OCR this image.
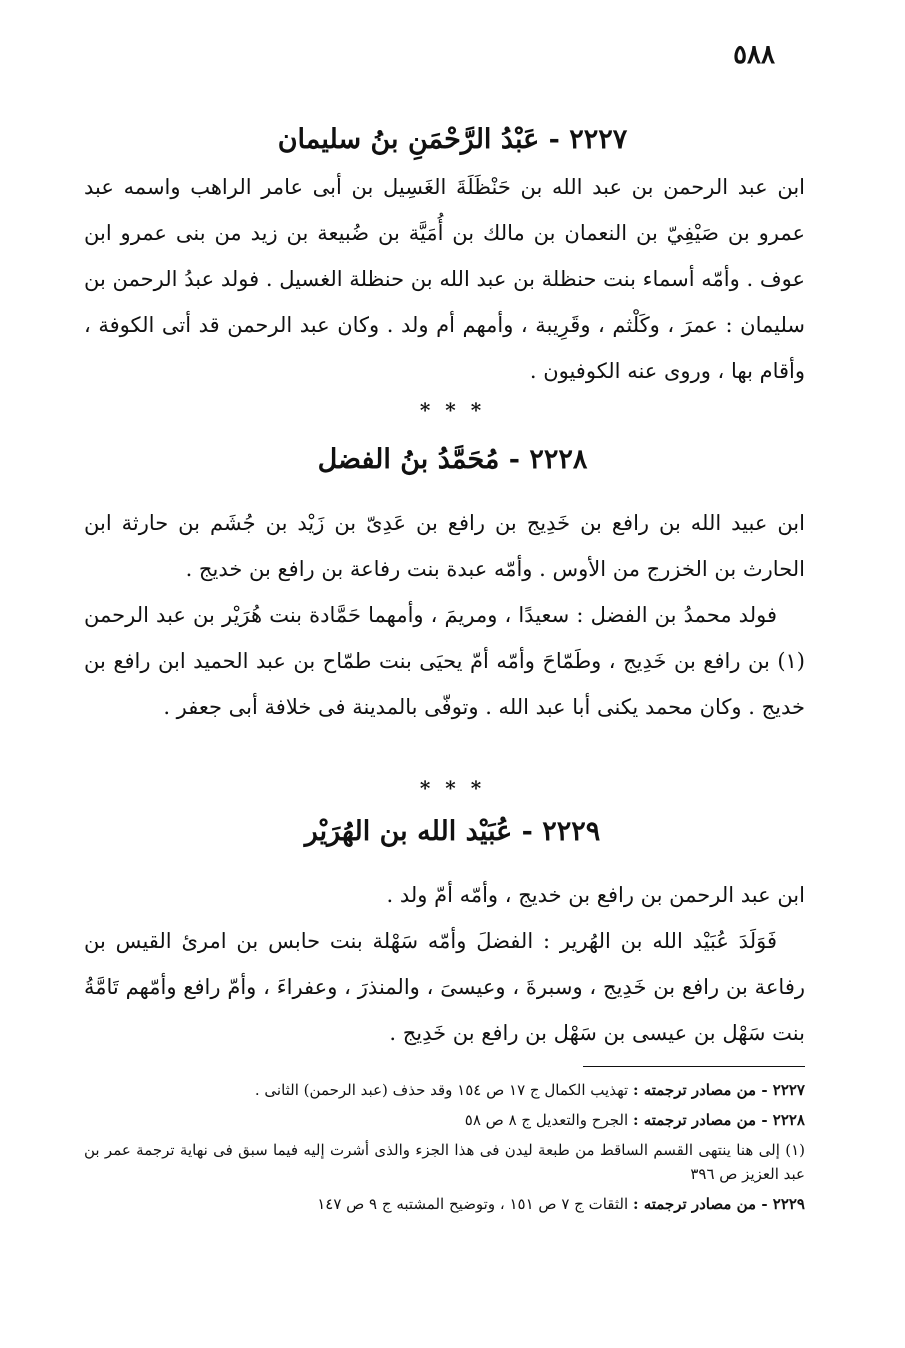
٥٨٨
٢٢٢٧ - عَبْدُ الرَّحْمَنِ بنُ سليمان

ابن عبد الرحمن بن عبد الله بن حَنْظَلَةَ الغَسِيل بن أبى عامر الراهب واسمه عبد عمرو بن صَيْفِيّ بن النعمان بن مالك بن أُمَيَّة بن ضُبيعة بن زيد من بنى عمرو ابن عوف . وأمّه أسماء بنت حنظلة بن عبد الله بن حنظلة الغسيل . فولد عبدُ الرحمن بن سليمان : عمرَ ، وكَلْثم ، وقَرِيبة ، وأمهم أم ولد . وكان عبد الرحمن قد أتى الكوفة ، وأقام بها ، وروى عنه الكوفيون .

* * *
٢٢٢٨ - مُحَمَّدُ بنُ الفضل

ابن عبيد الله بن رافع بن خَدِيج بن رافع بن عَدِىّ بن زَيْد بن جُشَم بن حارثة ابن الحارث بن الخزرج من الأوس . وأمّه عبدة بنت رفاعة بن رافع بن خديج .

فولد محمدُ بن الفضل : سعيدًا ، ومريمَ ، وأمهما حَمَّادة بنت هُرَيْر بن عبد الرحمن (١) بن رافع بن خَدِيج ، وطَمّاحَ وأمّه أمّ يحيَى بنت طمّاح بن عبد الحميد ابن رافع بن خديج . وكان محمد يكنى أبا عبد الله . وتوفّى بالمدينة فى خلافة أبى جعفر .

* * *
٢٢٢٩ - عُبَيْد الله بن الهُرَيْر

ابن عبد الرحمن بن رافع بن خديج ، وأمّه أمّ ولد .

فَوَلَدَ عُبَيْد الله بن الهُرير : الفضلَ وأمّه سَهْلة بنت حابس بن امرئ القيس بن رفاعة بن رافع بن خَدِيج ، وسبرةَ ، وعيسىَ ، والمنذرَ ، وعفراءَ ، وأمّ رافع وأمّهم تَامَّةُ بنت سَهْل بن عيسى بن سَهْل بن رافع بن خَدِيج .

٢٢٢٧ - من مصادر ترجمته : تهذيب الكمال ج ١٧ ص ١٥٤ وقد حذف (عبد الرحمن) الثانى .

٢٢٢٨ - من مصادر ترجمته : الجرح والتعديل ج ٨ ص ٥٨

(١) إلى هنا ينتهى القسم الساقط من طبعة ليدن فى هذا الجزء والذى أشرت إليه فيما سبق فى نهاية ترجمة عمر بن عبد العزيز ص ٣٩٦

٢٢٢٩ - من مصادر ترجمته : الثقات ج ٧ ص ١٥١ ، وتوضيح المشتبه ج ٩ ص ١٤٧
